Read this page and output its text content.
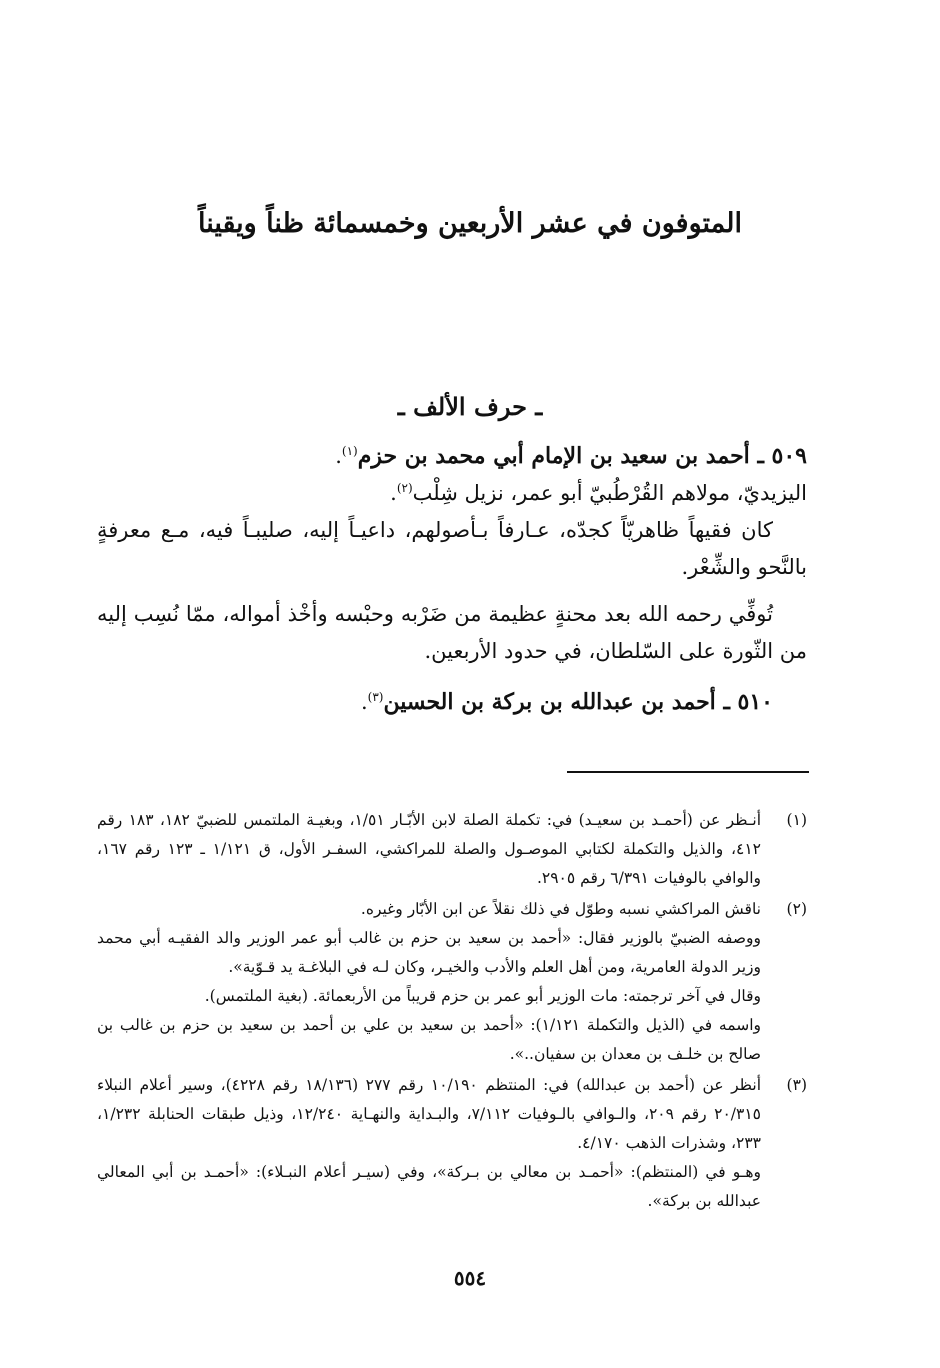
المتوفون في عشر الأربعين وخمسمائة ظناً ويقيناً
ـ حرف الألف ـ

٥٠٩ ـ أحمد بن سعيد بن الإمام أبي محمد بن حزم$^{(١)}$.

اليزيديّ، مولاهم القُرْطُبيّ أبو عمر، نزيل شِلْب$^{(٢)}$.

كان فقيهاً ظاهريّاً كجدّه، عـارفاً بـأصولهم، داعيـاً إليه، صليبـاً فيه، مـع معرفةٍ بالنَّحو والشِّعْر.

تُوفِّي رحمه الله بعد محنةٍ عظيمة من ضَرْبه وحبْسه وأخْذ أمواله، ممّا نُسِب إليه من الثّورة على السّلطان، في حدود الأربعين.

٥١٠ ـ أحمد بن عبدالله بن بركة بن الحسين$^{(٣)}$.

(١)

أنـظر عن (أحمـد بن سعيـد) في: تكملة الصلة لابن الأبّـار ١/٥١، وبغيـة الملتمس للضبيّ ١٨٢، ١٨٣ رقم ٤١٢، والذيل والتكملة لكتابي الموصـول والصلة للمراكشي، السفـر الأول، ق ١/١٢١ ـ ١٢٣ رقم ١٦٧، والوافي بالوفيات ٦/٣٩١ رقم ٢٩٠٥.

(٢)

ناقش المراكشي نسبه وطوّل في ذلك نقلاً عن ابن الأبّار وغيره.

ووصفه الضبيّ بالوزير فقال: «أحمد بن سعيد بن حزم بن غالب أبو عمر الوزير والد الفقيـه أبي محمد وزير الدولة العامرية، ومن أهل العلم والأدب والخيـر، وكان لـه في البلاغـة يد قـوّية».

وقال في آخر ترجمته: مات الوزير أبو عمر بن حزم قريباً من الأربعمائة. (بغية الملتمس).

واسمه في (الذيل والتكملة ١/١٢١): «أحمد بن سعيد بن علي بن أحمد بن سعيد بن حزم بن غالب بن صالح بن خلـف بن معدان بن سفيان..».

(٣)

أنظر عن (أحمد بن عبدالله) في: المنتظم ١٠/١٩٠ رقم ٢٧٧ (١٨/١٣٦ رقم ٤٢٢٨)، وسير أعلام النبلاء ٢٠/٣١٥ رقم ٢٠٩، والـوافي بالـوفيات ٧/١١٢، والبـداية والنهـاية ١٢/٢٤٠، وذيل طبقات الحنابلة ١/٢٣٢، ٢٣٣، وشذرات الذهب ٤/١٧٠.

وهـو في (المنتظم): «أحمـد بن معالي بن بـركة»، وفي (سيـر أعلام النبـلاء): «أحمـد بن أبي المعالي عبدالله بن بركة».

٥٥٤
